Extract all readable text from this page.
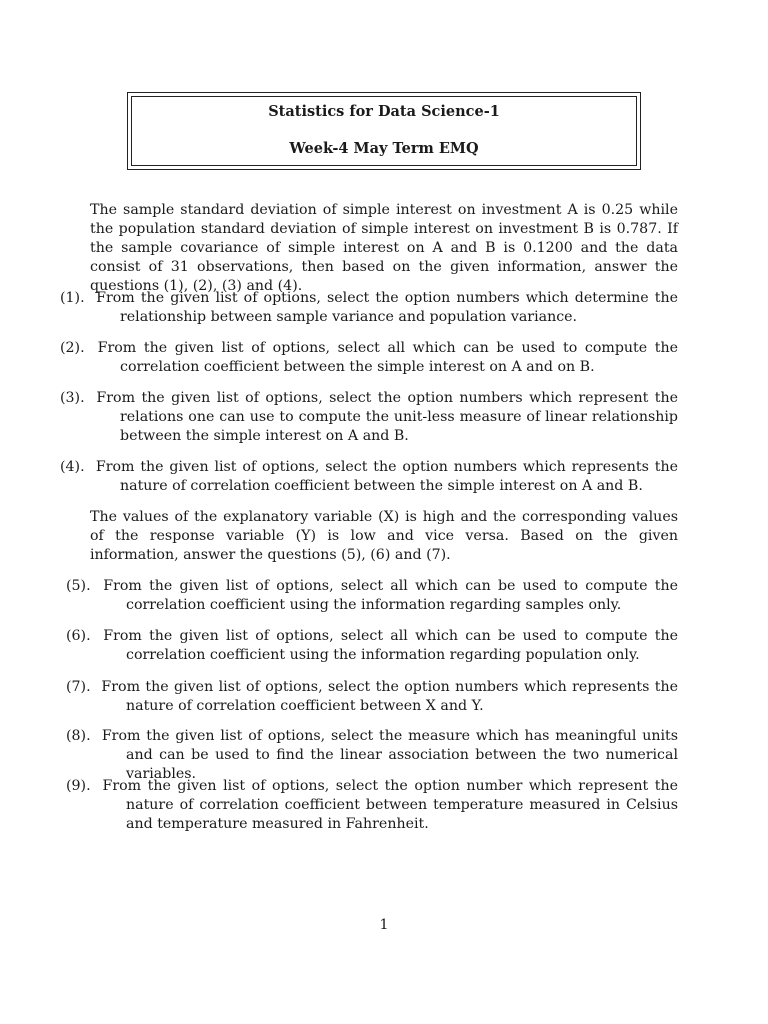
Statistics for Data Science-1
Week-4 May Term EMQ

The sample standard deviation of simple interest on investment A is 0.25 while the population standard deviation of simple interest on investment B is 0.787. If the sample covariance of simple interest on A and B is 0.1200 and the data consist of 31 observations, then based on the given information, answer the questions (1), (2), (3) and (4).

(1). From the given list of options, select the option numbers which determine the relationship between sample variance and population variance.

(2). From the given list of options, select all which can be used to compute the correlation coefficient between the simple interest on A and on B.

(3). From the given list of options, select the option numbers which represent the relations one can use to compute the unit-less measure of linear relationship between the simple interest on A and B.

(4). From the given list of options, select the option numbers which represents the nature of correlation coefficient between the simple interest on A and B.

The values of the explanatory variable (X) is high and the corresponding values of the response variable (Y) is low and vice versa. Based on the given information, answer the questions (5), (6) and (7).

(5). From the given list of options, select all which can be used to compute the correlation coefficient using the information regarding samples only.

(6). From the given list of options, select all which can be used to compute the correlation coefficient using the information regarding population only.

(7). From the given list of options, select the option numbers which represents the nature of correlation coefficient between X and Y.

(8). From the given list of options, select the measure which has meaningful units and can be used to find the linear association between the two numerical variables.

(9). From the given list of options, select the option number which represent the nature of correlation coefficient between temperature measured in Celsius and temperature measured in Fahrenheit.

1
